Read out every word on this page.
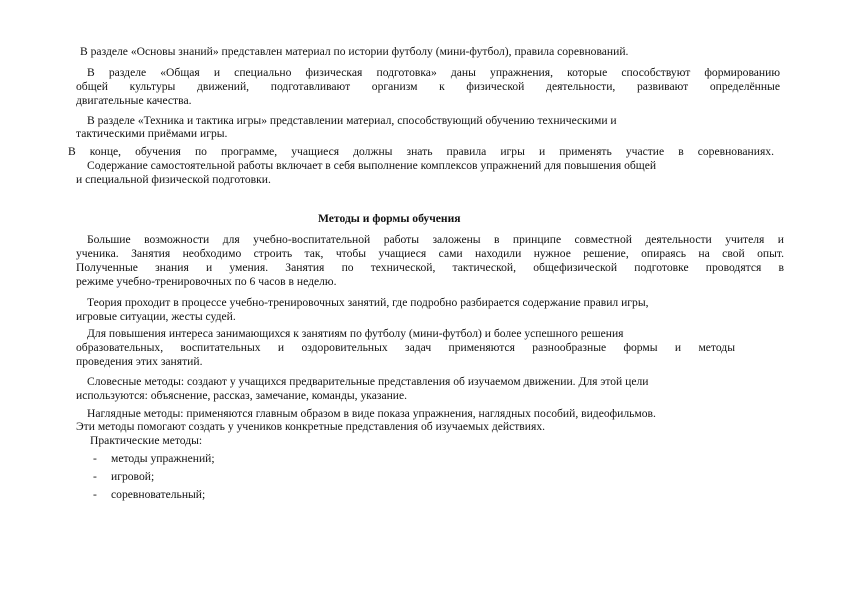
В разделе «Основы знаний» представлен материал по истории футболу (мини-футбол), правила соревнований.
В разделе «Общая и специально физическая подготовка» даны упражнения, которые способствуют формированию
общей культуры движений, подготавливают организм к физической деятельности, развивают определённые
двигательные качества.
В разделе «Техника и тактика игры» представлении материал, способствующий обучению техническими и
тактическими приёмами игры.
В конце, обучения по программе, учащиеся должны знать правила игры и применять участие в соревнованиях.
Содержание самостоятельной работы включает в себя выполнение комплексов упражнений для повышения общей
и специальной физической подготовки.
Методы и формы обучения
Большие возможности для учебно-воспитательной работы заложены в принципе совместной деятельности учителя и
ученика. Занятия необходимо строить так, чтобы учащиеся сами находили нужное решение, опираясь на свой опыт.
Полученные знания и умения. Занятия по технической, тактической, общефизической подготовке проводятся в
режиме учебно-тренировочных по 6 часов в неделю.
Теория проходит в процессе учебно-тренировочных занятий, где подробно разбирается содержание правил игры,
игровые ситуации, жесты судей.
Для повышения интереса занимающихся к занятиям по футболу (мини-футбол) и более успешного решения
образовательных, воспитательных и оздоровительных задач применяются разнообразные формы и методы
проведения этих занятий.
Словесные методы: создают у учащихся предварительные представления об изучаемом движении. Для этой цели
используются: объяснение, рассказ, замечание, команды, указание.
Наглядные методы: применяются главным образом в виде показа упражнения, наглядных пособий, видеофильмов.
Эти методы помогают создать у учеников конкретные представления об изучаемых действиях.
Практические методы:
- методы упражнений;
- игровой;
- соревновательный;
